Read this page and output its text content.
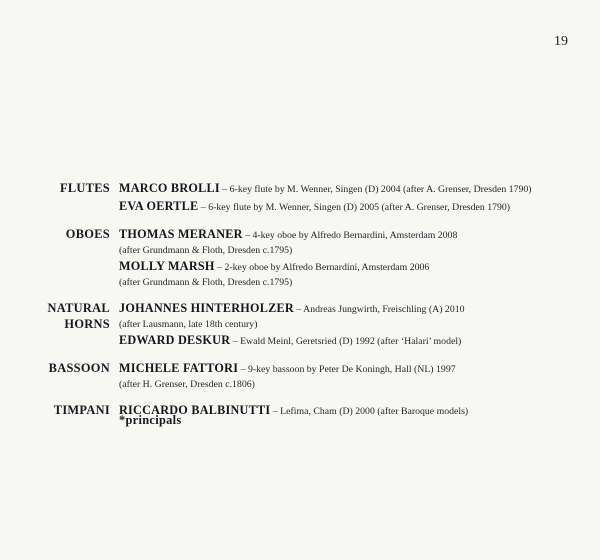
19
FLUTES MARCO BROLLI – 6-key flute by M. Wenner, Singen (D) 2004 (after A. Grenser, Dresden 1790)
EVA OERTLE – 6-key flute by M. Wenner, Singen (D) 2005 (after A. Grenser, Dresden 1790)
OBOES THOMAS MERANER – 4-key oboe by Alfredo Bernardini, Amsterdam 2008
(after Grundmann & Floth, Dresden c.1795)
MOLLY MARSH – 2-key oboe by Alfredo Bernardini, Amsterdam 2006
(after Grundmann & Floth, Dresden c.1795)
NATURAL HORNS
JOHANNES HINTERHOLZER – Andreas Jungwirth, Freischling (A) 2010
(after Lausmann, late 18th century)
EDWARD DESKUR – Ewald Meinl, Geretsried (D) 1992 (after ‘Halari’ model)
BASSOON MICHELE FATTORI – 9-key bassoon by Peter De Koningh, Hall (NL) 1997
(after H. Grenser, Dresden c.1806)
TIMPANI RICCARDO BALBINUTTI – Lefima, Cham (D) 2000 (after Baroque models)
*principals
